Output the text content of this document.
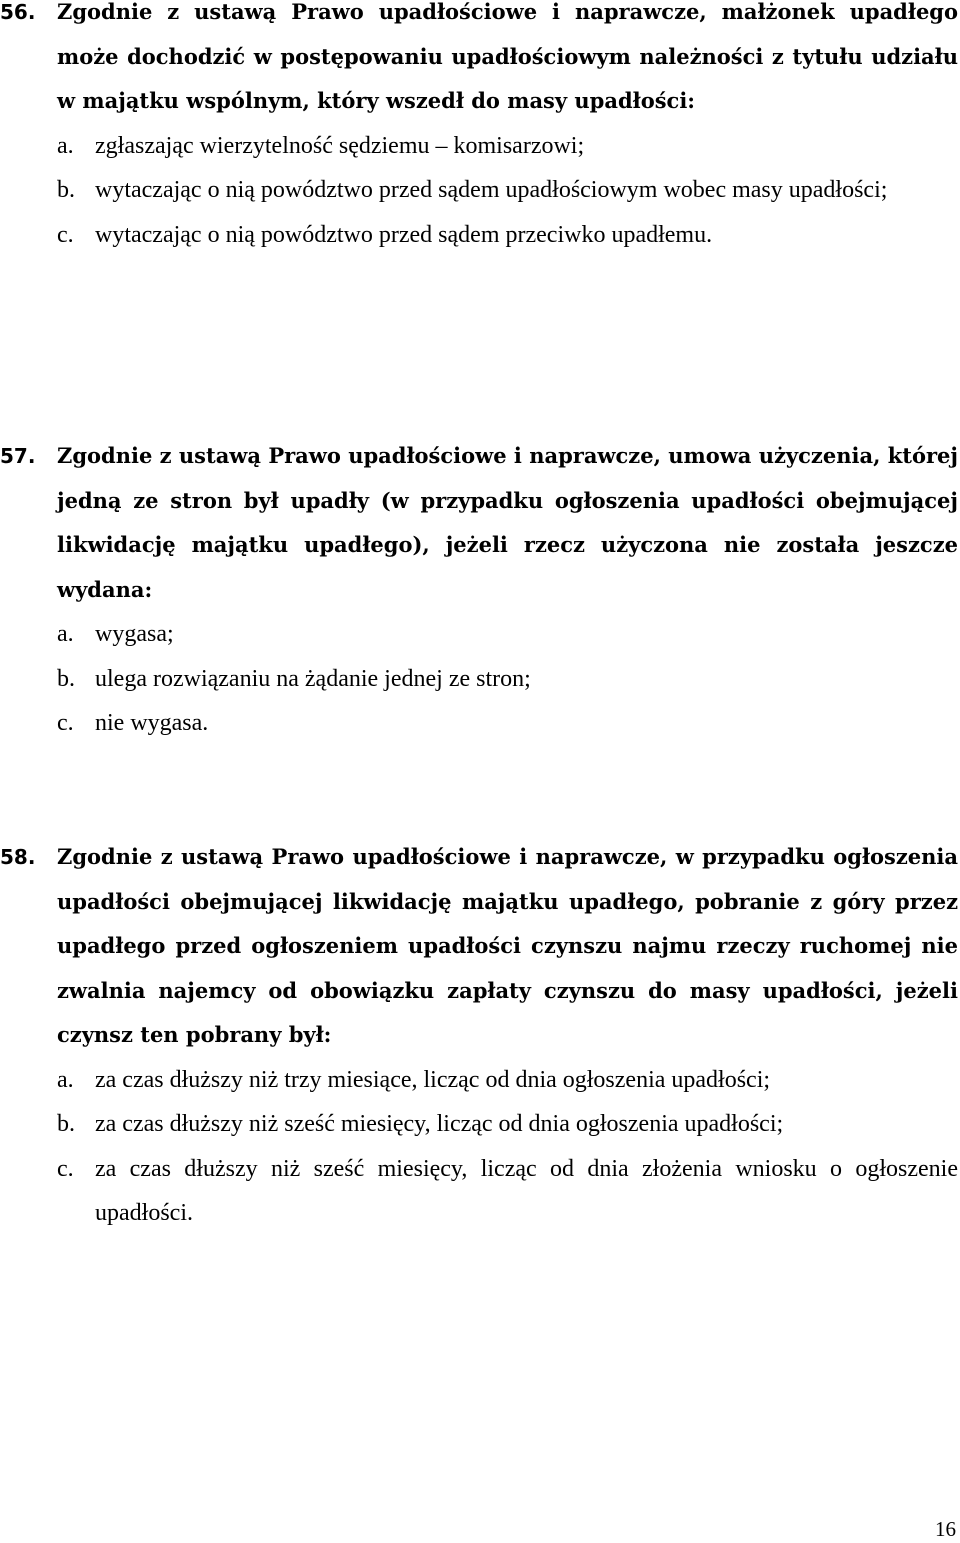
56.	Zgodnie z ustawą Prawo upadłościowe i naprawcze, małżonek upadłego może dochodzić w postępowaniu upadłościowym należności z tytułu udziału w majątku wspólnym, który wszedł do masy upadłości:
a. zgłaszając wierzytelność sędziemu – komisarzowi;
b. wytaczając o nią powództwo przed sądem upadłościowym wobec masy upadłości;
c. wytaczając o nią powództwo przed sądem przeciwko upadłemu.
57.	Zgodnie z ustawą Prawo upadłościowe i naprawcze, umowa użyczenia, której jedną ze stron był upadły (w przypadku ogłoszenia upadłości obejmującej likwidację majątku upadłego), jeżeli rzecz użyczona nie została jeszcze wydana:
a. wygasa;
b. ulega rozwiązaniu na żądanie jednej ze stron;
c. nie wygasa.
58.	Zgodnie z ustawą Prawo upadłościowe i naprawcze, w przypadku ogłoszenia upadłości obejmującej likwidację majątku upadłego, pobranie z góry przez upadłego przed ogłoszeniem upadłości czynszu najmu rzeczy ruchomej nie zwalnia najemcy od obowiązku zapłaty czynszu do masy upadłości, jeżeli czynsz ten pobrany był:
a. za czas dłuższy niż trzy miesiące, licząc od dnia ogłoszenia upadłości;
b. za czas dłuższy niż sześć miesięcy, licząc od dnia ogłoszenia upadłości;
c. za czas dłuższy niż sześć miesięcy, licząc od dnia złożenia wniosku o ogłoszenie upadłości.
16
